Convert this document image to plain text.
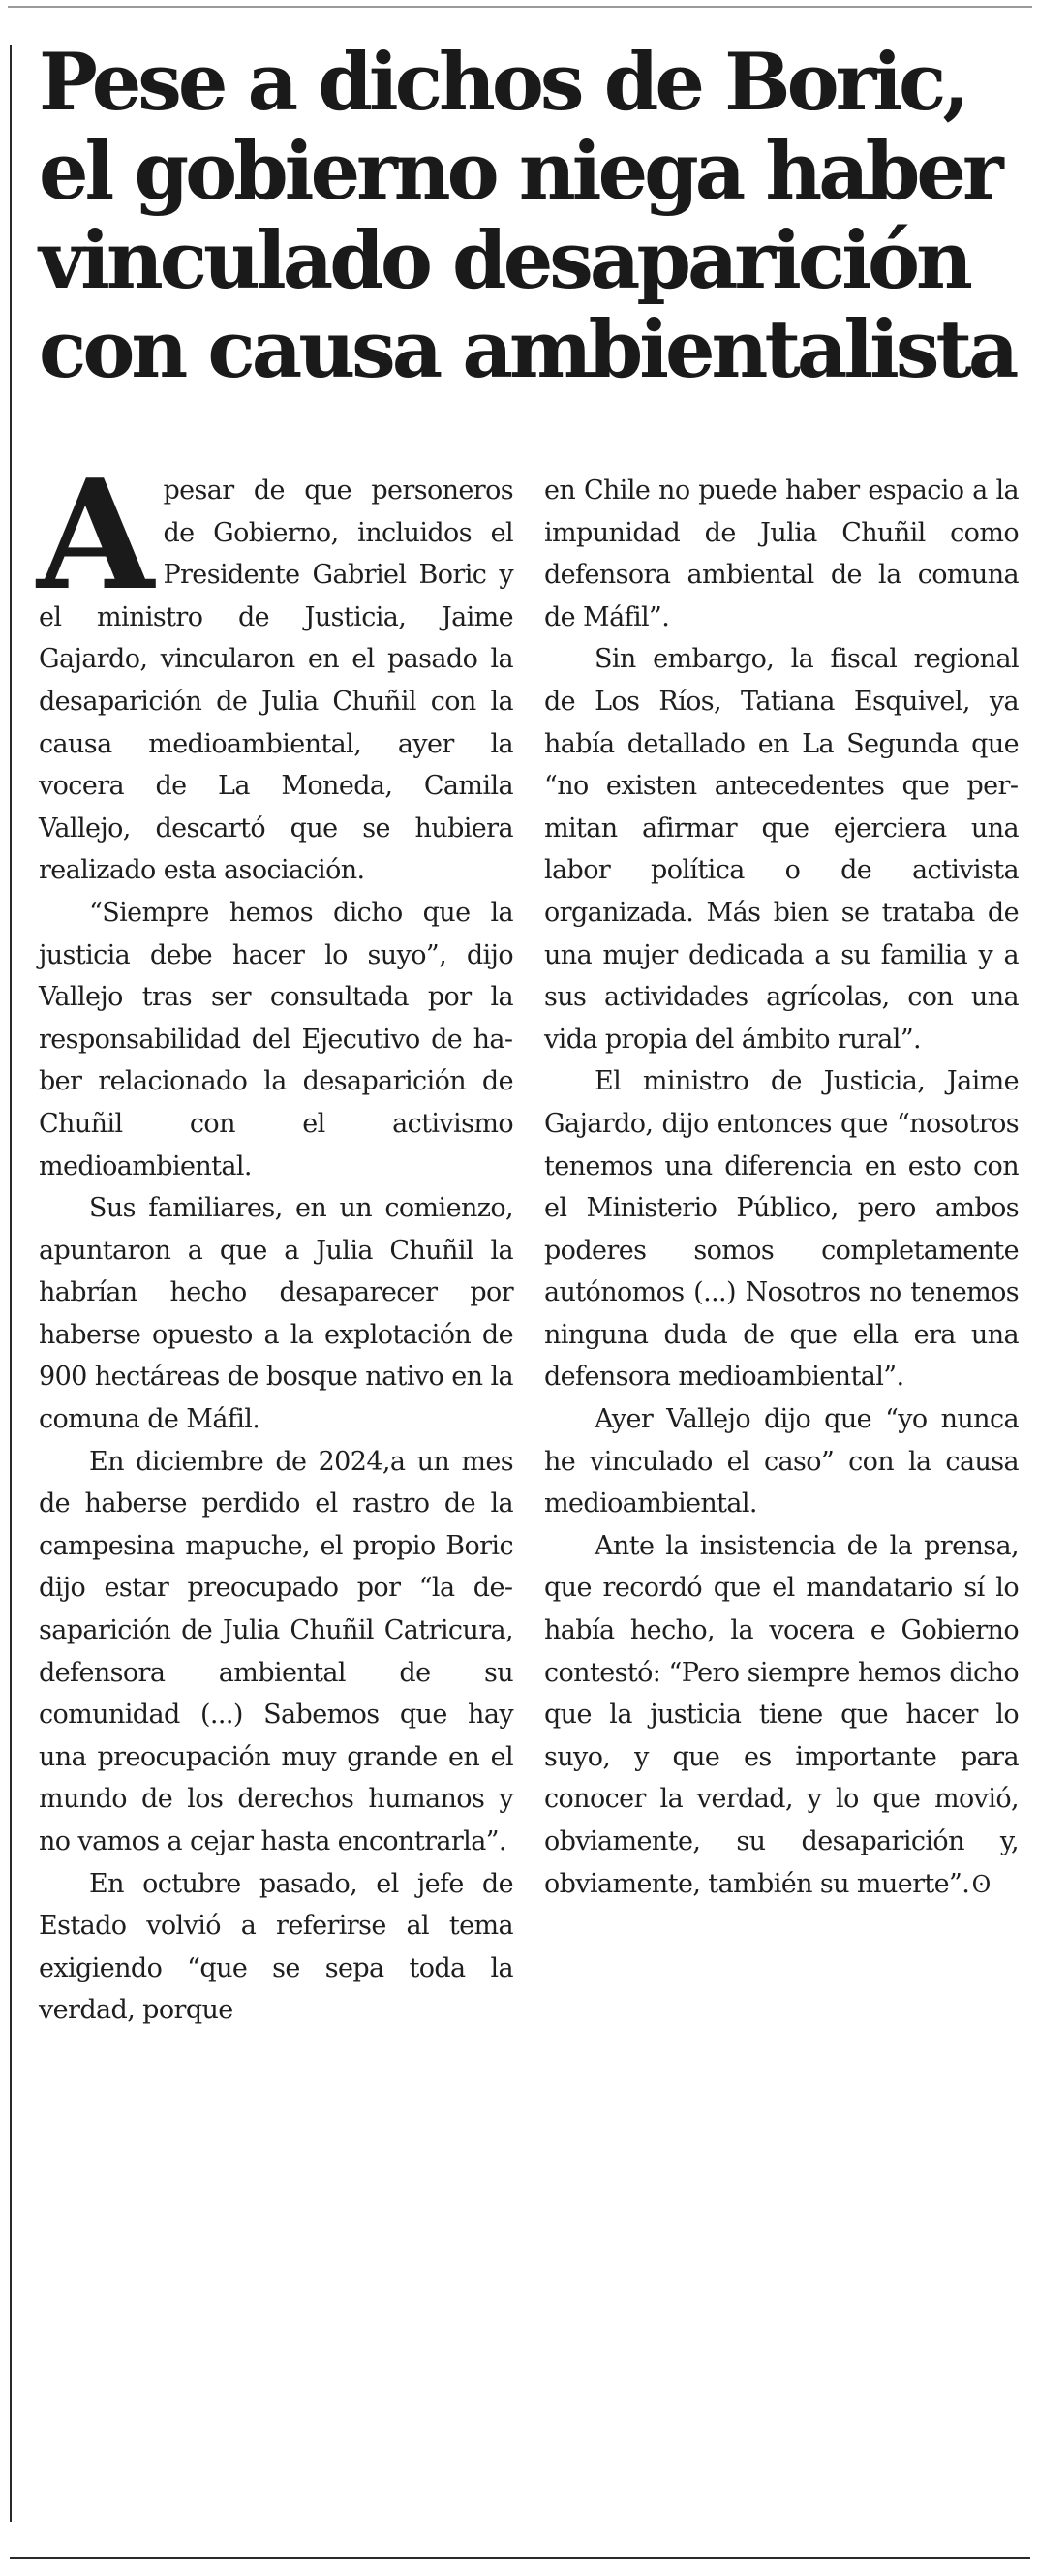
Pese a dichos de Boric,
el gobierno niega haber
vinculado desaparición
con causa ambientalista

Apesar de que personeros de Gobierno, incluidos el Presidente Gabriel Boric y el ministro de Justicia, Jaime Gajardo, vincularon en el pasado la desaparición de Julia Chuñil con la causa medioambiental, ayer la vocera de La Moneda, Camila Vallejo, descartó que se hubiera realizado esta asociación.

“Siempre hemos dicho que la justicia debe hacer lo suyo”, dijo Vallejo tras ser consultada por la responsabilidad del Ejecutivo de haber relacionado la desaparición de Chuñil con el activismo medioambiental.

Sus familiares, en un comienzo, apuntaron a que a Julia Chuñil la habrían hecho desaparecer por haberse opuesto a la explotación de 900 hectáreas de bosque nativo en la comuna de Máfil.

En diciembre de 2024,a un mes de haberse perdido el rastro de la campesina mapuche, el propio Boric dijo estar preocupado por “la desaparición de Julia Chuñil Catricura, defensora ambiental de su comunidad (...) Sabemos que hay una preocupación muy grande en el mundo de los derechos humanos y no vamos a cejar hasta encontrarla”.

En octubre pasado, el jefe de Estado volvió a referirse al tema exigiendo “que se sepa toda la verdad, porque

en Chile no puede haber espacio a la impunidad de Julia Chuñil como defensora ambiental de la comuna de Máfil”.

Sin embargo, la fiscal regional de Los Ríos, Tatiana Esquivel, ya había detallado en La Segunda que “no existen antecedentes que permitan afirmar que ejerciera una labor política o de activista organizada. Más bien se trataba de una mujer dedicada a su familia y a sus actividades agrícolas, con una vida propia del ámbito rural”.

El ministro de Justicia, Jaime Gajardo, dijo entonces que “nosotros tenemos una diferencia en esto con el Ministerio Público, pero ambos poderes somos completamente autónomos (...) Nosotros no tenemos ninguna duda de que ella era una defensora medioambiental”.

Ayer Vallejo dijo que “yo nunca he vinculado el caso” con la causa medioambiental.

Ante la insistencia de la prensa, que recordó que el mandatario sí lo había hecho, la vocera e Gobierno contestó: “Pero siempre hemos dicho que la justicia tiene que hacer lo suyo, y que es importante para conocer la verdad, y lo que movió, obviamente, su desaparición y, obviamente, también su muerte”. ʘ
